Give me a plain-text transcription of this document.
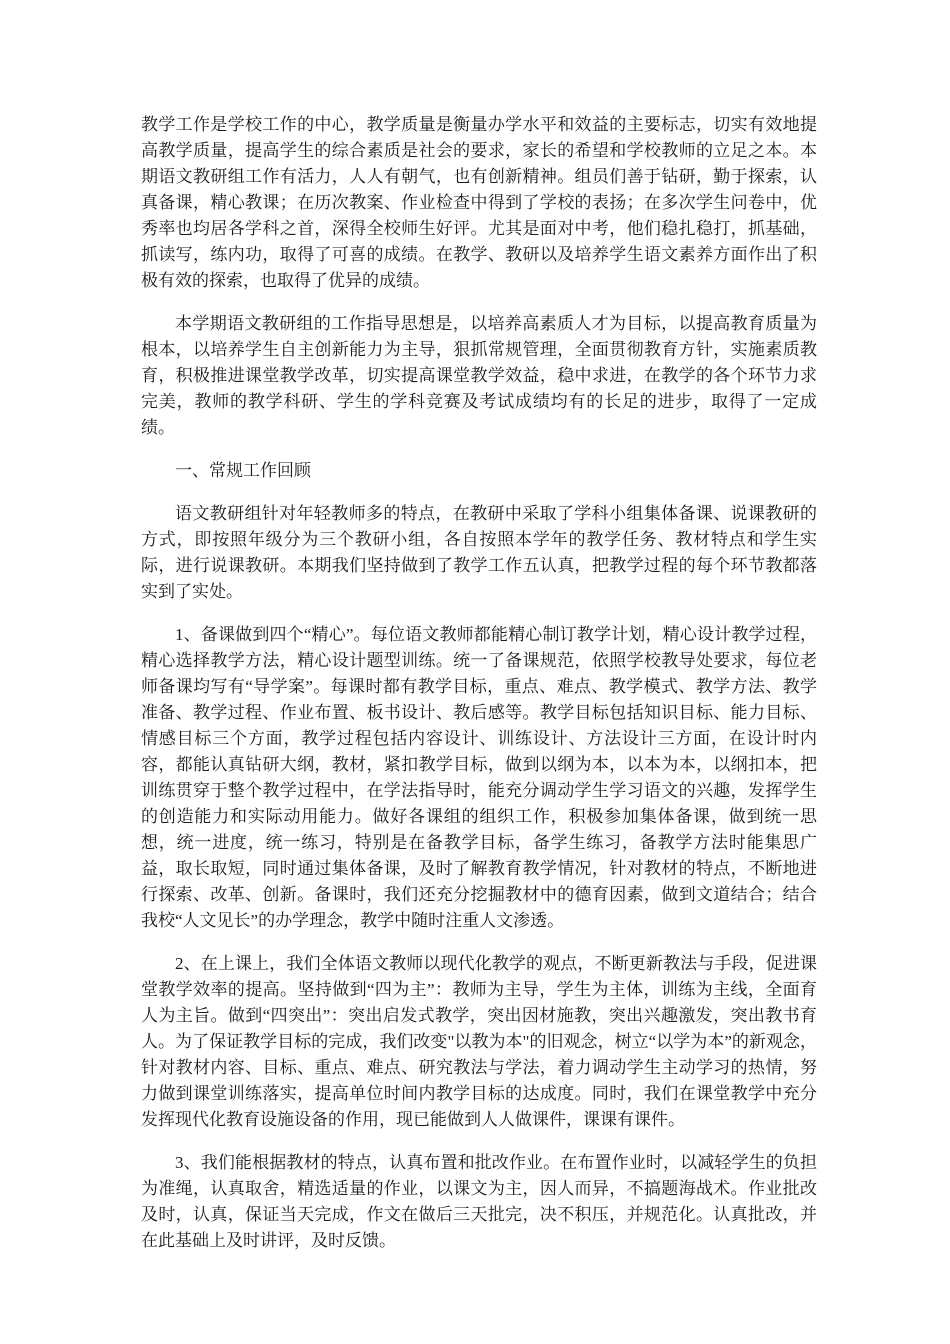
教学工作是学校工作的中心，教学质量是衡量办学水平和效益的主要标志，切实有效地提高教学质量，提高学生的综合素质是社会的要求，家长的希望和学校教师的立足之本。本期语文教研组工作有活力，人人有朝气，也有创新精神。组员们善于钻研，勤于探索，认真备课，精心教课；在历次教案、作业检查中得到了学校的表扬；在多次学生问卷中，优秀率也均居各学科之首，深得全校师生好评。尤其是面对中考，他们稳扎稳打，抓基础，抓读写，练内功，取得了可喜的成绩。在教学、教研以及培养学生语文素养方面作出了积极有效的探索，也取得了优异的成绩。

本学期语文教研组的工作指导思想是，以培养高素质人才为目标，以提高教育质量为根本，以培养学生自主创新能力为主导，狠抓常规管理，全面贯彻教育方针，实施素质教育，积极推进课堂教学改革，切实提高课堂教学效益，稳中求进，在教学的各个环节力求完美，教师的教学科研、学生的学科竞赛及考试成绩均有的长足的进步，取得了一定成绩。

一、常规工作回顾

语文教研组针对年轻教师多的特点，在教研中采取了学科小组集体备课、说课教研的方式，即按照年级分为三个教研小组，各自按照本学年的教学任务、教材特点和学生实际，进行说课教研。本期我们坚持做到了教学工作五认真，把教学过程的每个环节教都落实到了实处。

1、备课做到四个“精心”。每位语文教师都能精心制订教学计划，精心设计教学过程，精心选择教学方法，精心设计题型训练。统一了备课规范，依照学校教导处要求，每位老师备课均写有“导学案”。每课时都有教学目标，重点、难点、教学模式、教学方法、教学准备、教学过程、作业布置、板书设计、教后感等。教学目标包括知识目标、能力目标、情感目标三个方面，教学过程包括内容设计、训练设计、方法设计三方面，在设计时内容，都能认真钻研大纲，教材，紧扣教学目标，做到以纲为本，以本为本，以纲扣本，把训练贯穿于整个教学过程中，在学法指导时，能充分调动学生学习语文的兴趣，发挥学生的创造能力和实际动用能力。做好各课组的组织工作，积极参加集体备课，做到统一思想，统一进度，统一练习，特别是在备教学目标，备学生练习，备教学方法时能集思广益，取长取短，同时通过集体备课，及时了解教育教学情况，针对教材的特点，不断地进行探索、改革、创新。备课时，我们还充分挖掘教材中的德育因素，做到文道结合；结合我校“人文见长”的办学理念，教学中随时注重人文渗透。

2、在上课上，我们全体语文教师以现代化教学的观点，不断更新教法与手段，促进课堂教学效率的提高。坚持做到“四为主”：教师为主导，学生为主体，训练为主线，全面育人为主旨。做到“四突出”：突出启发式教学，突出因材施教，突出兴趣激发，突出教书育人。为了保证教学目标的完成，我们改变"以教为本"的旧观念，树立“以学为本”的新观念，针对教材内容、目标、重点、难点、研究教法与学法，着力调动学生主动学习的热情，努力做到课堂训练落实，提高单位时间内教学目标的达成度。同时，我们在课堂教学中充分发挥现代化教育设施设备的作用，现已能做到人人做课件，课课有课件。

3、我们能根据教材的特点，认真布置和批改作业。在布置作业时，以减轻学生的负担为准绳，认真取舍，精选适量的作业，以课文为主，因人而异，不搞题海战术。作业批改及时，认真，保证当天完成，作文在做后三天批完，决不积压，并规范化。认真批改，并在此基础上及时讲评，及时反馈。
